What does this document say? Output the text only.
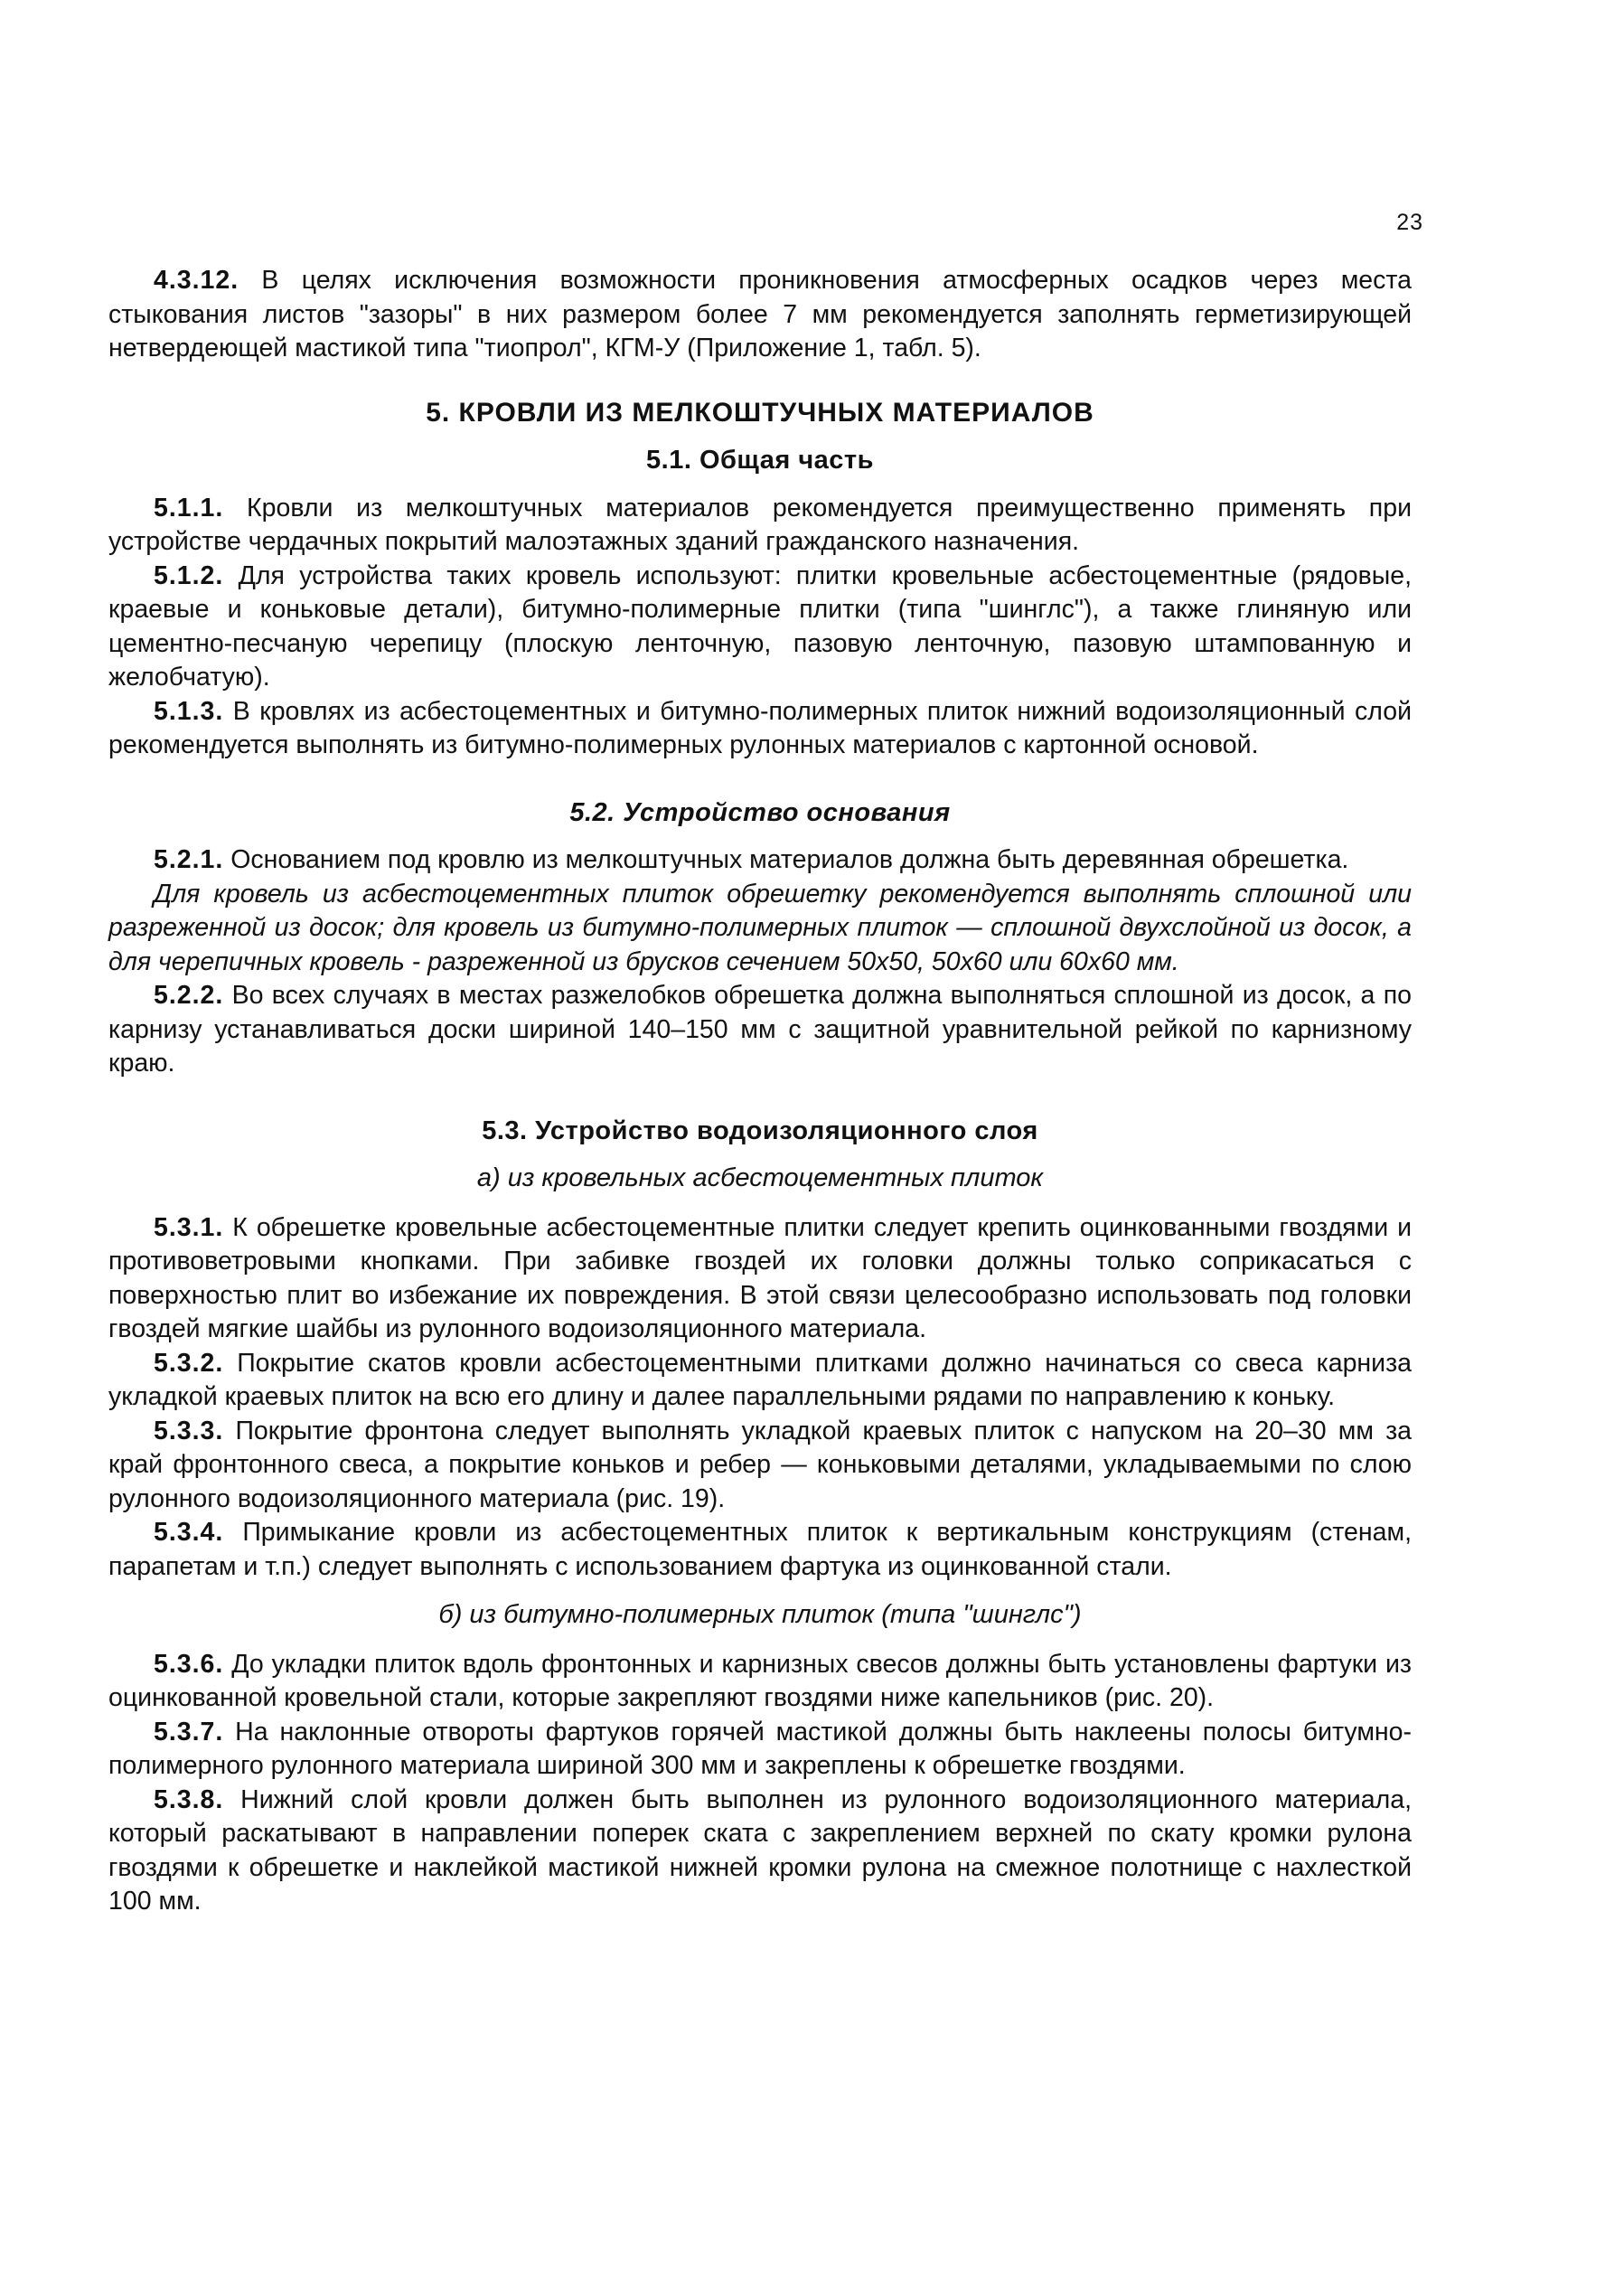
23

4.3.12. В целях исключения возможности проникновения атмосферных осадков через места стыкования листов "зазоры" в них размером более 7 мм рекомендуется заполнять герметизирующей нетвердеющей мастикой типа "тиопрол", КГМ-У (Приложение 1, табл. 5).

5. КРОВЛИ ИЗ МЕЛКОШТУЧНЫХ МАТЕРИАЛОВ
5.1. Общая часть

5.1.1. Кровли из мелкоштучных материалов рекомендуется преимущественно применять при устройстве чердачных покрытий малоэтажных зданий гражданского назначения.

5.1.2. Для устройства таких кровель используют: плитки кровельные асбестоцементные (рядовые, краевые и коньковые детали), битумно-полимерные плитки (типа "шинглс"), а также глиняную или цементно-песчаную черепицу (плоскую ленточную, пазовую ленточную, пазовую штампованную и желобчатую).

5.1.3. В кровлях из асбестоцементных и битумно-полимерных плиток нижний водоизоляционный слой рекомендуется выполнять из битумно-полимерных рулонных материалов с картонной основой.

5.2. Устройство основания

5.2.1. Основанием под кровлю из мелкоштучных материалов должна быть деревянная обрешетка.

Для кровель из асбестоцементных плиток обрешетку рекомендуется выполнять сплошной или разреженной из досок; для кровель из битумно-полимерных плиток — сплошной двухслойной из досок, а для черепичных кровель - разреженной из брусков сечением 50х50, 50х60 или 60х60 мм.

5.2.2. Во всех случаях в местах разжелобков обрешетка должна выполняться сплошной из досок, а по карнизу устанавливаться доски шириной 140–150 мм с защитной уравнительной рейкой по карнизному краю.

5.3. Устройство водоизоляционного слоя
а) из кровельных асбестоцементных плиток

5.3.1. К обрешетке кровельные асбестоцементные плитки следует крепить оцинкованными гвоздями и противоветровыми кнопками. При забивке гвоздей их головки должны только соприкасаться с поверхностью плит во избежание их повреждения. В этой связи целесообразно использовать под головки гвоздей мягкие шайбы из рулонного водоизоляционного материала.

5.3.2. Покрытие скатов кровли асбестоцементными плитками должно начинаться со свеса карниза укладкой краевых плиток на всю его длину и далее параллельными рядами по направлению к коньку.

5.3.3. Покрытие фронтона следует выполнять укладкой краевых плиток с напуском на 20–30 мм за край фронтонного свеса, а покрытие коньков и ребер — коньковыми деталями, укладываемыми по слою рулонного водоизоляционного материала (рис. 19).

5.3.4. Примыкание кровли из асбестоцементных плиток к вертикальным конструкциям (стенам, парапетам и т.п.) следует выполнять с использованием фартука из оцинкованной стали.

б) из битумно-полимерных плиток (типа "шинглс")

5.3.6. До укладки плиток вдоль фронтонных и карнизных свесов должны быть установлены фартуки из оцинкованной кровельной стали, которые закрепляют гвоздями ниже капельников (рис. 20).

5.3.7. На наклонные отвороты фартуков горячей мастикой должны быть наклеены полосы битумно-полимерного рулонного материала шириной 300 мм и закреплены к обрешетке гвоздями.

5.3.8. Нижний слой кровли должен быть выполнен из рулонного водоизоляционного материала, который раскатывают в направлении поперек ската с закреплением верхней по скату кромки рулона гвоздями к обрешетке и наклейкой мастикой нижней кромки рулона на смежное полотнище с нахлесткой 100 мм.
